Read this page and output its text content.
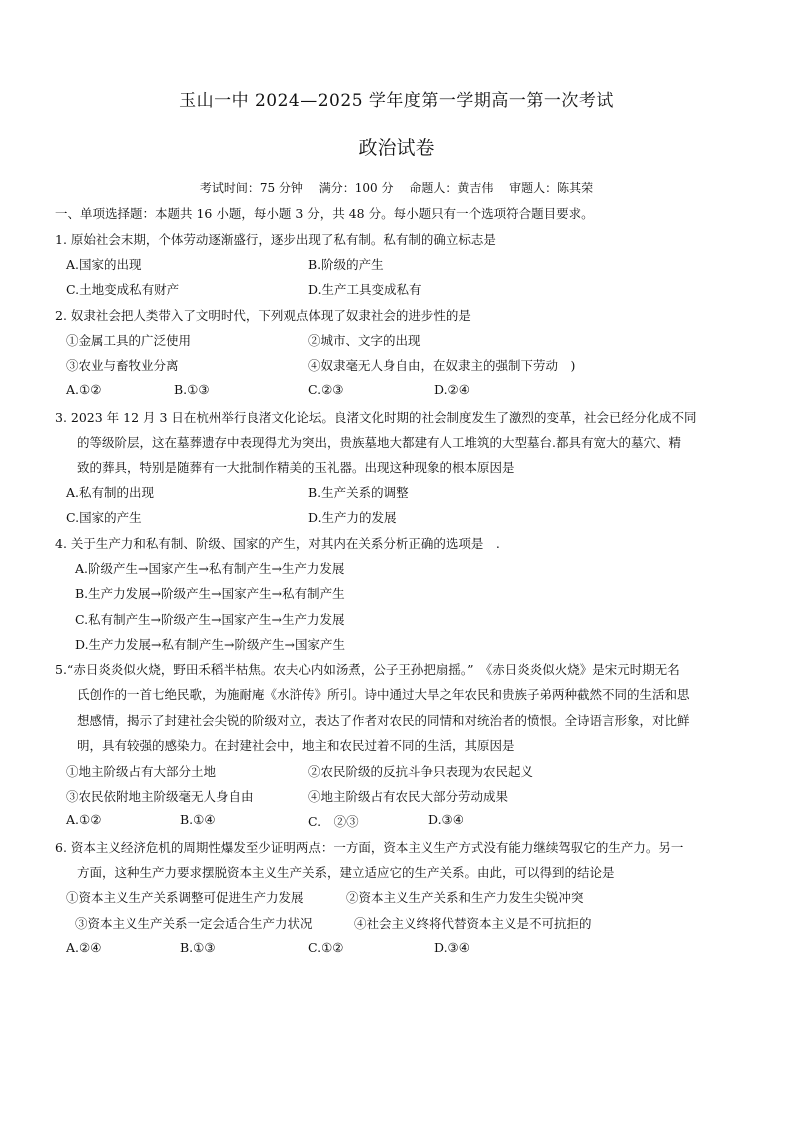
玉山一中 2024—2025 学年度第一学期高一第一次考试
政治试卷
考试时间：75 分钟 满分：100 分 命题人：黄吉伟 审题人：陈其荣
一、单项选择题：本题共 16 小题，每小题 3 分，共 48 分。每小题只有一个选项符合题目要求。
1. 原始社会末期，个体劳动逐渐盛行，逐步出现了私有制。私有制的确立标志是
A.国家的出现	B.阶级的产生
C.土地变成私有财产	D.生产工具变成私有
2. 奴隶社会把人类带入了文明时代，下列观点体现了奴隶社会的进步性的是
①金属工具的广泛使用	②城市、文字的出现
③农业与畜牧业分离	④奴隶毫无人身自由，在奴隶主的强制下劳动　)
A.①②	B.①③	C.②③	D.②④
3. 2023 年 12 月 3 日在杭州举行良渚文化论坛。良渚文化时期的社会制度发生了激烈的变革，社会已经分化成不同
的等级阶层，这在墓葬遗存中表现得尤为突出，贵族墓地大都建有人工堆筑的大型墓台.都具有宽大的墓穴、精
致的葬具，特别是随葬有一大批制作精美的玉礼器。出现这种现象的根本原因是
A.私有制的出现	B.生产关系的调整
C.国家的产生	D.生产力的发展
4. 关于生产力和私有制、阶级、国家的产生，对其内在关系分析正确的选项是　.
A.阶级产生→国家产生→私有制产生→生产力发展
B.生产力发展→阶级产生→国家产生→私有制产生
C.私有制产生→阶级产生→国家产生→生产力发展
D.生产力发展→私有制产生→阶级产生→国家产生
5.“赤日炎炎似火烧，野田禾稻半枯焦。农夫心内如汤煮，公子王孙把扇摇。”　《赤日炎炎似火烧》是宋元时期无名
氏创作的一首七绝民歌，为施耐庵《水浒传》所引。诗中通过大旱之年农民和贵族子弟两种截然不同的生活和思
想感情，揭示了封建社会尖锐的阶级对立，表达了作者对农民的同情和对统治者的愤恨。全诗语言形象，对比鲜
明，具有较强的感染力。在封建社会中，地主和农民过着不同的生活，其原因是
①地主阶级占有大部分土地	②农民阶级的反抗斗争只表现为农民起义
③农民依附地主阶级毫无人身自由	④地主阶级占有农民大部分劳动成果
A.①②	B.①④	C.　②③	D.③④
6. 资本主义经济危机的周期性爆发至少证明两点：一方面，资本主义生产方式没有能力继续驾驭它的生产力。另一
方面，这种生产力要求摆脱资本主义生产关系，建立适应它的生产关系。由此，可以得到的结论是
①资本主义生产关系调整可促进生产力发展	②资本主义生产关系和生产力发生尖锐冲突
③资本主义生产关系一定会适合生产力状况	④社会主义终将代替资本主义是不可抗拒的
A.②④	B.①③	C.①②	D.③④
